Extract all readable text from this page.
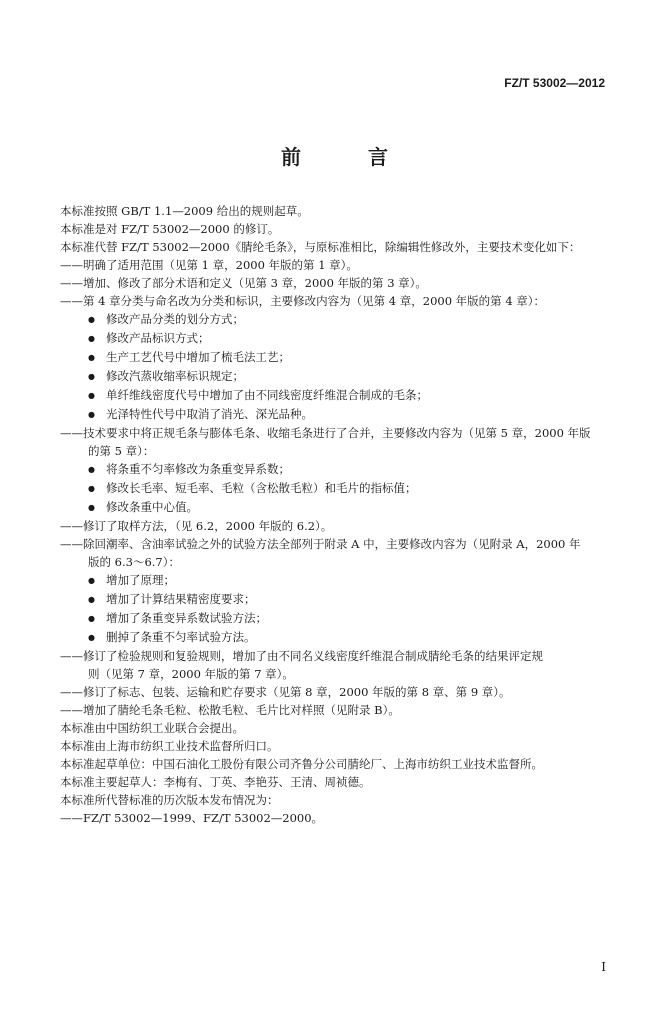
FZ/T 53002—2012
前 言
本标准按照 GB/T 1.1—2009 给出的规则起草。
本标准是对 FZ/T 53002—2000 的修订。
本标准代替 FZ/T 53002—2000《腈纶毛条》，与原标准相比，除编辑性修改外，主要技术变化如下：
——明确了适用范围（见第 1 章，2000 年版的第 1 章）。
——增加、修改了部分术语和定义（见第 3 章，2000 年版的第 3 章）。
——第 4 章分类与命名改为分类和标识，主要修改内容为（见第 4 章，2000 年版的第 4 章）：
● 修改产品分类的划分方式；
● 修改产品标识方式；
● 生产工艺代号中增加了梳毛法工艺；
● 修改汽蒸收缩率标识规定；
● 单纤维线密度代号中增加了由不同线密度纤维混合制成的毛条；
● 光泽特性代号中取消了消光、深光品种。
——技术要求中将正规毛条与膨体毛条、收缩毛条进行了合并，主要修改内容为（见第 5 章，2000 年版
的第 5 章）：
● 将条重不匀率修改为条重变异系数；
● 修改长毛率、短毛率、毛粒（含松散毛粒）和毛片的指标值；
● 修改条重中心值。
——修订了取样方法，（见 6.2，2000 年版的 6.2）。
——除回潮率、含油率试验之外的试验方法全部列于附录 A 中，主要修改内容为（见附录 A，2000 年
版的 6.3～6.7）：
● 增加了原理；
● 增加了计算结果精密度要求；
● 增加了条重变异系数试验方法；
● 删掉了条重不匀率试验方法。
——修订了检验规则和复验规则，增加了由不同名义线密度纤维混合制成腈纶毛条的结果评定规
则（见第 7 章，2000 年版的第 7 章）。
——修订了标志、包装、运输和贮存要求（见第 8 章，2000 年版的第 8 章、第 9 章）。
——增加了腈纶毛条毛粒、松散毛粒、毛片比对样照（见附录 B）。
本标准由中国纺织工业联合会提出。
本标准由上海市纺织工业技术监督所归口。
本标准起草单位：中国石油化工股份有限公司齐鲁分公司腈纶厂、上海市纺织工业技术监督所。
本标准主要起草人：李梅有、丁英、李艳芬、王清、周祯德。
本标准所代替标准的历次版本发布情况为：
——FZ/T 53002—1999、FZ/T 53002—2000。
I
